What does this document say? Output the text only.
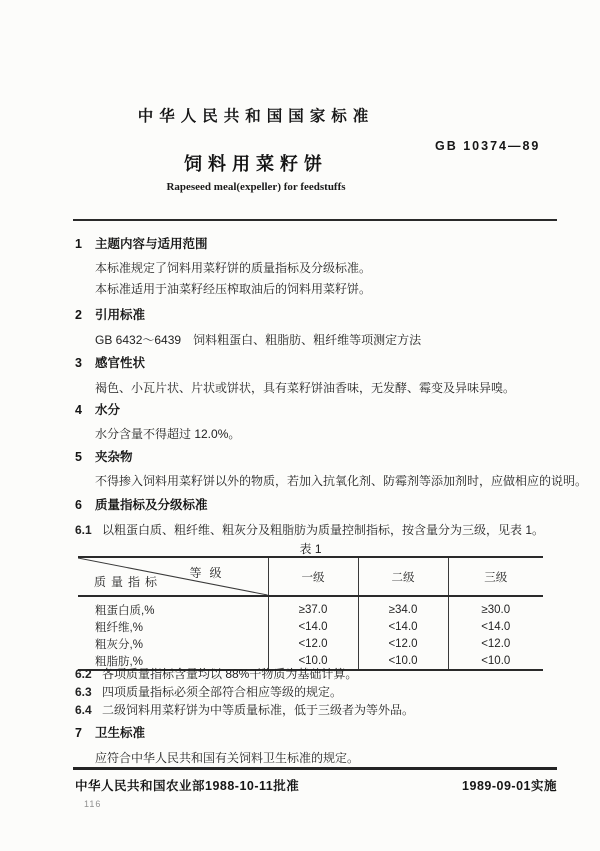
中华人民共和国国家标准
GB 10374—89
饲料用菜籽饼
Rapeseed meal(expeller) for feedstuffs
1	主题内容与适用范围
本标准规定了饲料用菜籽饼的质量指标及分级标准。
本标准适用于油菜籽经压榨取油后的饲料用菜籽饼。
2	引用标准
GB 6432～6439　饲料粗蛋白、粗脂肪、粗纤维等项测定方法
3	感官性状
褐色、小瓦片状、片状或饼状，具有菜籽饼油香味，无发酵、霉变及异味异嗅。
4	水分
水分含量不得超过 12.0%。
5	夹杂物
不得掺入饲料用菜籽饼以外的物质，若加入抗氧化剂、防霉剂等添加剂时，应做相应的说明。
6	质量指标及分级标准
6.1 以粗蛋白质、粗纤维、粗灰分及粗脂肪为质量控制指标，按含量分为三级，见表 1。
表 1
等级
质量指标	一级	二级	三级
粗蛋白质,%	≥37.0	≥34.0	≥30.0
粗纤维,%	<14.0	<14.0	<14.0
粗灰分,%	<12.0	<12.0	<12.0
粗脂肪,%	<10.0	<10.0	<10.0
6.2 各项质量指标含量均以 88%干物质为基础计算。
6.3 四项质量指标必须全部符合相应等级的规定。
6.4 二级饲料用菜籽饼为中等质量标准，低于三级者为等外品。
7	卫生标准
应符合中华人民共和国有关饲料卫生标准的规定。
中华人民共和国农业部1988-10-11批准	1989-09-01实施
116
